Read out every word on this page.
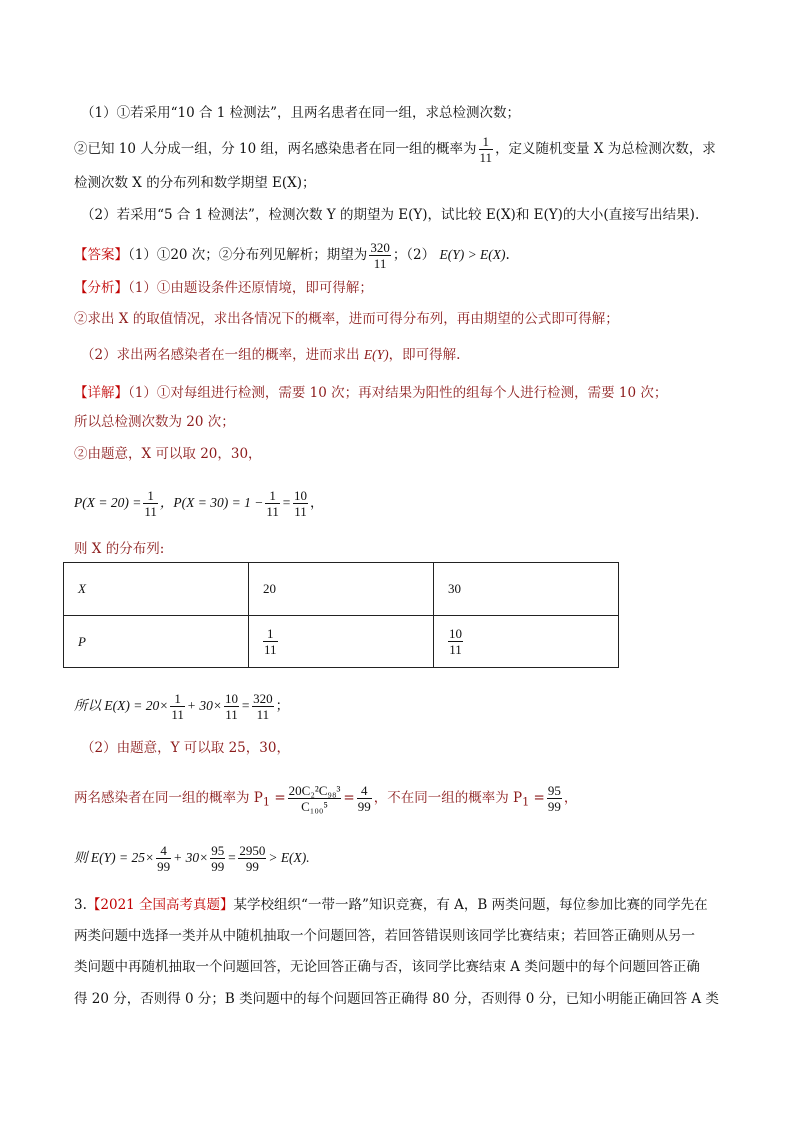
（1）①若采用“10 合 1 检测法”，且两名患者在同一组，求总检测次数；
②已知 10 人分成一组，分 10 组，两名感染患者在同一组的概率为 $\frac{1}{11}$ ，定义随机变量 X 为总检测次数，求
检测次数 X 的分布列和数学期望 E(X)；
（2）若采用“5 合 1 检测法”，检测次数 Y 的期望为 E(Y)，试比较 E(X)和 E(Y)的大小(直接写出结果).
【答案】（1）①20 次；②分布列见解析；期望为 $\frac{320}{11}$ ；（2） E(Y) > E(X).
【分析】（1）①由题设条件还原情境，即可得解；
②求出 X 的取值情况，求出各情况下的概率，进而可得分布列，再由期望的公式即可得解；
（2）求出两名感染者在一组的概率，进而求出 E(Y)，即可得解.
【详解】（1）①对每组进行检测，需要 10 次；再对结果为阳性的组每个人进行检测，需要 10 次；
所以总检测次数为 20 次；
②由题意，X 可以取 20，30，
$P(X = 20) = \frac{1}{11}$ ，$P(X = 30) = 1 - \frac{1}{11} = \frac{10}{11}$ ，
则 X 的分布列:
X	20	30
P	$\frac{1}{11}$	$\frac{10}{11}$
所以 $E(X) = 20\times \frac{1}{11} + 30\times \frac{10}{11} = \frac{320}{11}$ ；
（2）由题意，Y 可以取 25，30，
两名感染者在同一组的概率为 $P_1 = \frac{\text{20C₂²C₉₈³}}{\text{C₁₀₀⁵}} = \frac{4}{99}$ ，不在同一组的概率为 $P_1 = \frac{95}{99}$ ，
则 $E(Y) = 25\times \frac{4}{99} + 30\times \frac{95}{99} = \frac{2950}{99} > E(X)$.
3.【2021 全国高考真题】某学校组织“一带一路”知识竞赛，有 A，B 两类问题，每位参加比赛的同学先在
两类问题中选择一类并从中随机抽取一个问题回答，若回答错误则该同学比赛结束；若回答正确则从另一
类问题中再随机抽取一个问题回答，无论回答正确与否，该同学比赛结束 A 类问题中的每个问题回答正确
得 20 分，否则得 0 分；B 类问题中的每个问题回答正确得 80 分，否则得 0 分，已知小明能正确回答 A 类
